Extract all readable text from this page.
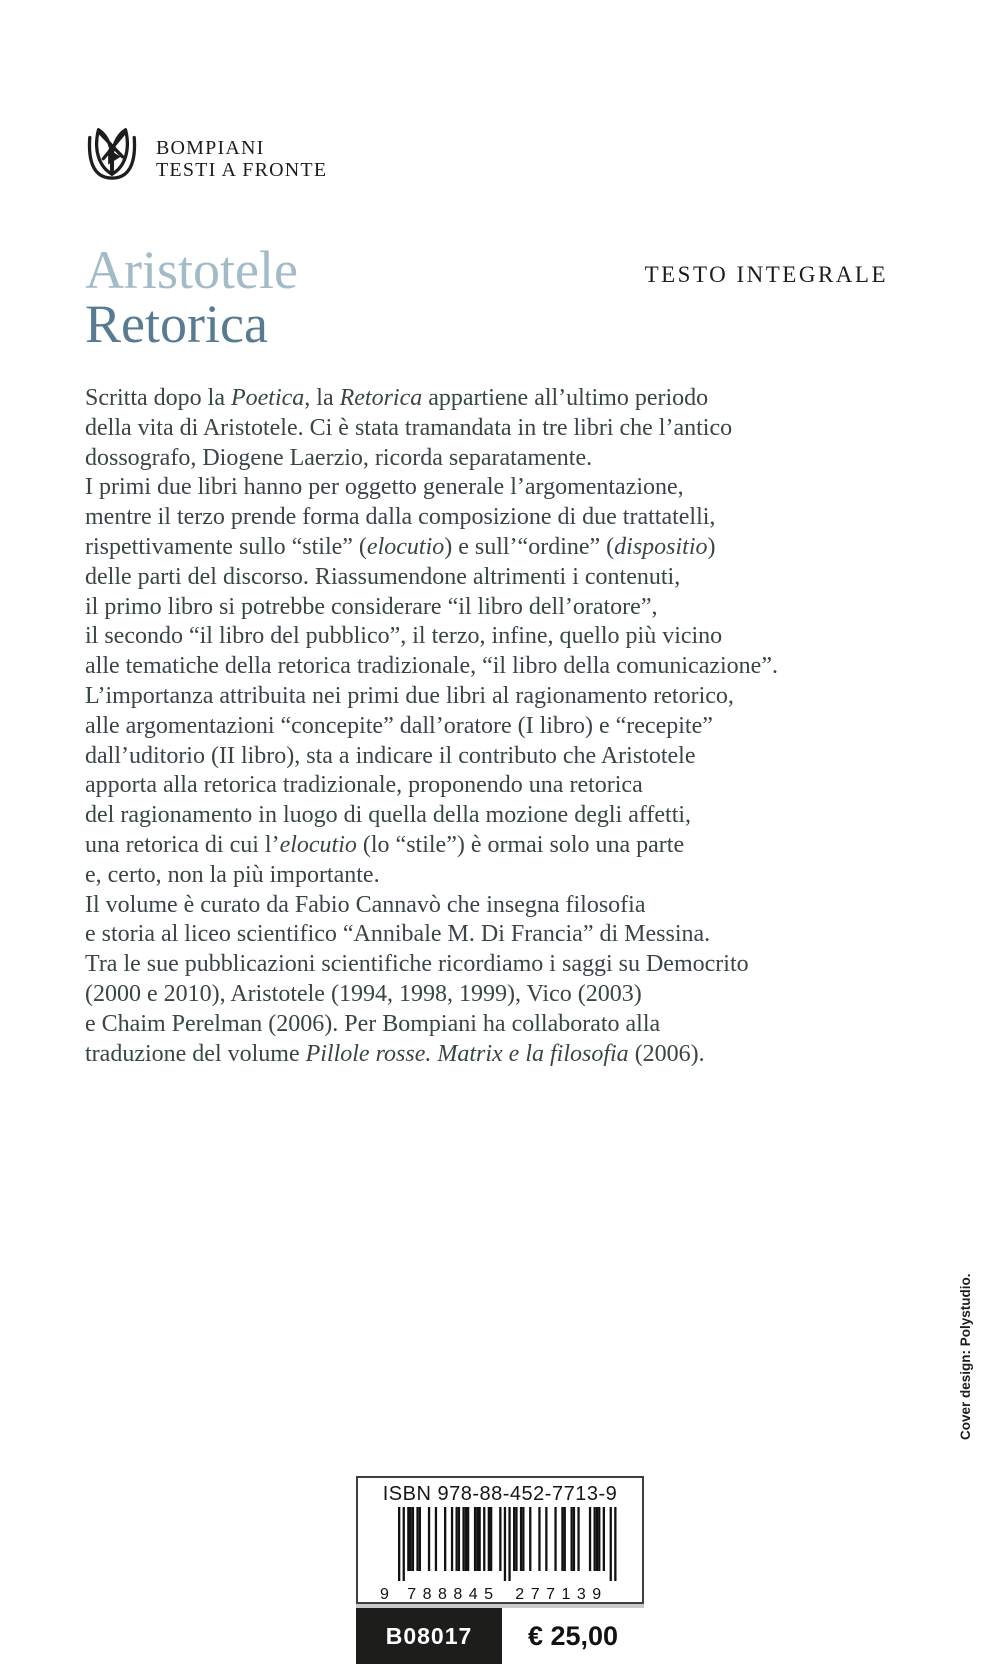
BOMPIANI
TESTI A FRONTE
TESTO INTEGRALE
Aristotele
Retorica
Scritta dopo la Poetica, la Retorica appartiene all’ultimo periodo
della vita di Aristotele. Ci è stata tramandata in tre libri che l’antico
dossografo, Diogene Laerzio, ricorda separatamente.
I primi due libri hanno per oggetto generale l’argomentazione,
mentre il terzo prende forma dalla composizione di due trattatelli,
rispettivamente sullo “stile” (elocutio) e sull’“ordine” (dispositio)
delle parti del discorso. Riassumendone altrimenti i contenuti,
il primo libro si potrebbe considerare “il libro dell’oratore”,
il secondo “il libro del pubblico”, il terzo, infine, quello più vicino
alle tematiche della retorica tradizionale, “il libro della comunicazione”.
L’importanza attribuita nei primi due libri al ragionamento retorico,
alle argomentazioni “concepite” dall’oratore (I libro) e “recepite”
dall’uditorio (II libro), sta a indicare il contributo che Aristotele
apporta alla retorica tradizionale, proponendo una retorica
del ragionamento in luogo di quella della mozione degli affetti,
una retorica di cui l’elocutio (lo “stile”) è ormai solo una parte
e, certo, non la più importante.
Il volume è curato da Fabio Cannavò che insegna filosofia
e storia al liceo scientifico “Annibale M. Di Francia” di Messina.
Tra le sue pubblicazioni scientifiche ricordiamo i saggi su Democrito
(2000 e 2010), Aristotele (1994, 1998, 1999), Vico (2003)
e Chaim Perelman (2006). Per Bompiani ha collaborato alla
traduzione del volume Pillole rosse. Matrix e la filosofia (2006).
Cover design: Polystudio.
ISBN 978-88-452-7713-9
9 788845 277139
B08017	€ 25,00
